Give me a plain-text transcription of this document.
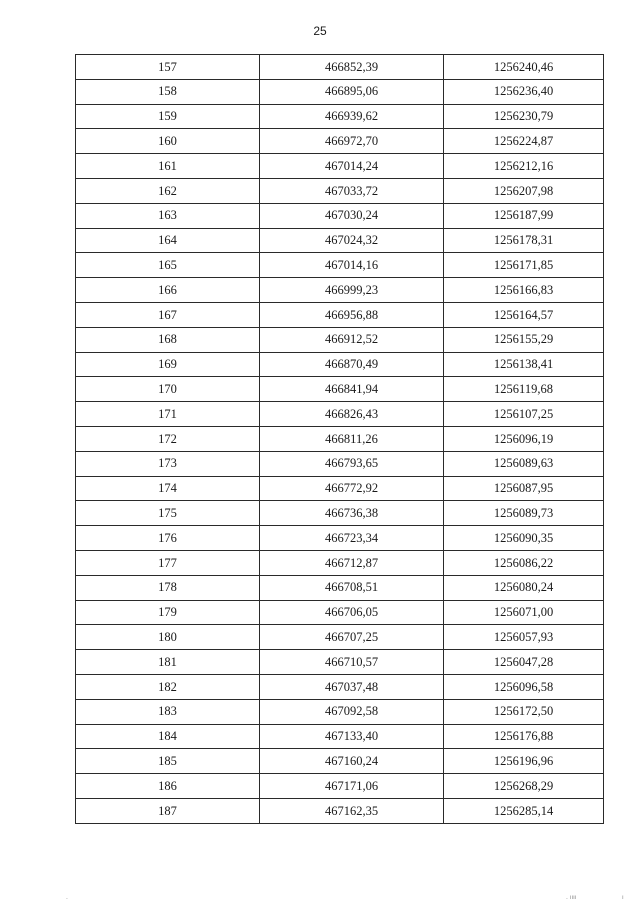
25
157	466852,39	1256240,46
158	466895,06	1256236,40
159	466939,62	1256230,79
160	466972,70	1256224,87
161	467014,24	1256212,16
162	467033,72	1256207,98
163	467030,24	1256187,99
164	467024,32	1256178,31
165	467014,16	1256171,85
166	466999,23	1256166,83
167	466956,88	1256164,57
168	466912,52	1256155,29
169	466870,49	1256138,41
170	466841,94	1256119,68
171	466826,43	1256107,25
172	466811,26	1256096,19
173	466793,65	1256089,63
174	466772,92	1256087,95
175	466736,38	1256089,73
176	466723,34	1256090,35
177	466712,87	1256086,22
178	466708,51	1256080,24
179	466706,05	1256071,00
180	466707,25	1256057,93
181	466710,57	1256047,28
182	467037,48	1256096,58
183	467092,58	1256172,50
184	467133,40	1256176,88
185	467160,24	1256196,96
186	467171,06	1256268,29
187	467162,35	1256285,14
.	. ıııı	ı
